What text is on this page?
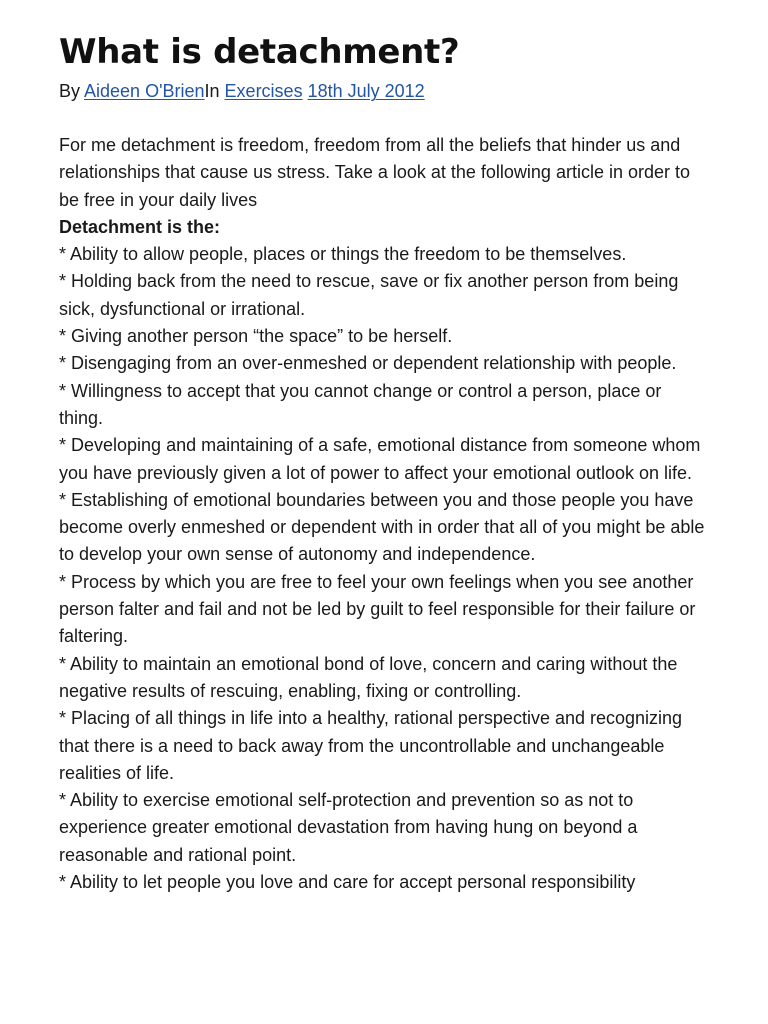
What is detachment?
By Aideen O'BrienIn Exercises 18th July 2012

For me detachment is freedom, freedom from all the beliefs that hinder us and relationships that cause us stress. Take a look at the following article in order to be free in your daily lives

Detachment is the:

* Ability to allow people, places or things the freedom to be themselves.

* Holding back from the need to rescue, save or fix another person from being sick, dysfunctional or irrational.

* Giving another person “the space” to be herself.

* Disengaging from an over-enmeshed or dependent relationship with people.

* Willingness to accept that you cannot change or control a person, place or thing.

* Developing and maintaining of a safe, emotional distance from someone whom you have previously given a lot of power to affect your emotional outlook on life.

* Establishing of emotional boundaries between you and those people you have become overly enmeshed or dependent with in order that all of you might be able to develop your own sense of autonomy and independence.

* Process by which you are free to feel your own feelings when you see another person falter and fail and not be led by guilt to feel responsible for their failure or faltering.

* Ability to maintain an emotional bond of love, concern and caring without the negative results of rescuing, enabling, fixing or controlling.

* Placing of all things in life into a healthy, rational perspective and recognizing that there is a need to back away from the uncontrollable and unchangeable realities of life.

* Ability to exercise emotional self-protection and prevention so as not to experience greater emotional devastation from having hung on beyond a reasonable and rational point.

* Ability to let people you love and care for accept personal responsibility
